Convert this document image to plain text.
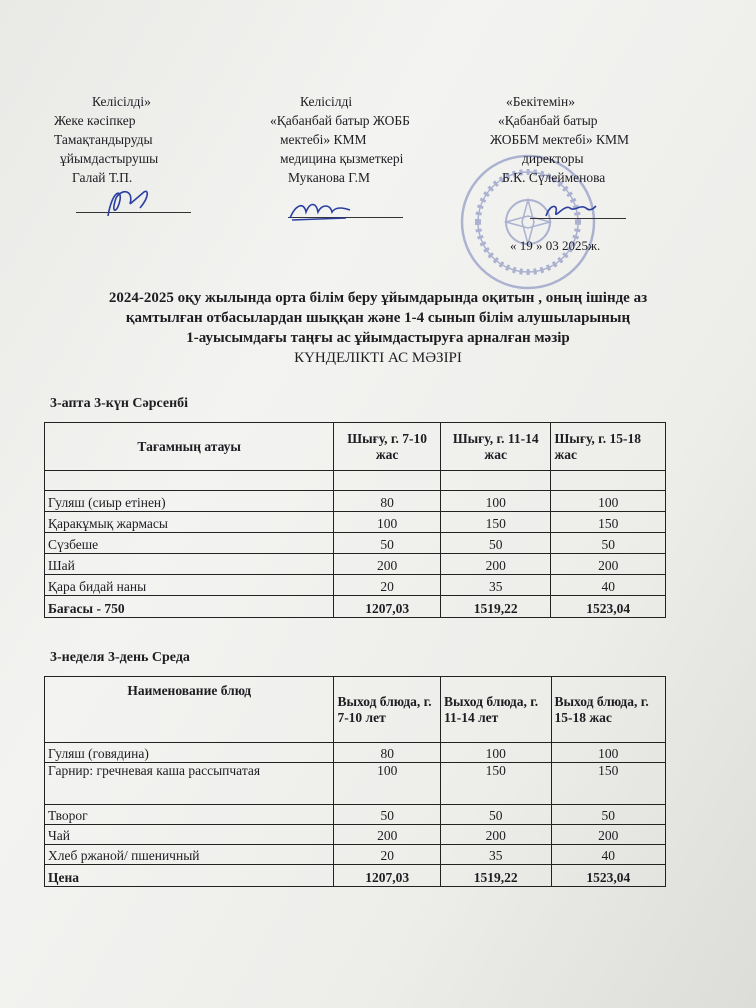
Келісілді»
Жеке кәсіпкер
Тамақтандыруды
ұйымдастырушы
Галай Т.П.
Келісілді
«Қабанбай батыр ЖОББ
мектебі» КММ
медицина қызметкері
Муканова Г.М
«Бекітемін»
«Қабанбай батыр
ЖОББМ мектебі» КММ
директоры
Б.К. Сүлейменова
« 19 » 03 2025ж.
2024-2025 оқу жылында орта білім беру ұйымдарында оқитын , оның ішінде аз
қамтылған отбасылардан шыққан және 1-4 сынып білім алушыларының
1-ауысымдағы таңғы ас ұйымдастыруға арналған мәзір
КҮНДЕЛІКТІ АС МӘЗІРІ
3-апта 3-күн Сәрсенбі
Тағамның атауы	Шығу, г. 7-10 жас	Шығу, г. 11-14 жас	Шығу, г. 15-18 жас

Гуляш (сиыр етінен)	80	100	100
Қаракұмық жармасы	100	150	150
Сүзбеше	50	50	50
Шай	200	200	200
Қара бидай наны	20	35	40
Бағасы - 750	1207,03	1519,22	1523,04
3-неделя 3-день Среда
Наименование блюд	Выход блюда, г. 7-10 лет	Выход блюда, г. 11-14 лет	Выход блюда, г. 15-18 жас
Гуляш (говядина)	80	100	100
Гарнир: гречневая каша рассыпчатая	100	150	150
Творог	50	50	50
Чай	200	200	200
Хлеб ржаной/ пшеничный	20	35	40
Цена	1207,03	1519,22	1523,04
